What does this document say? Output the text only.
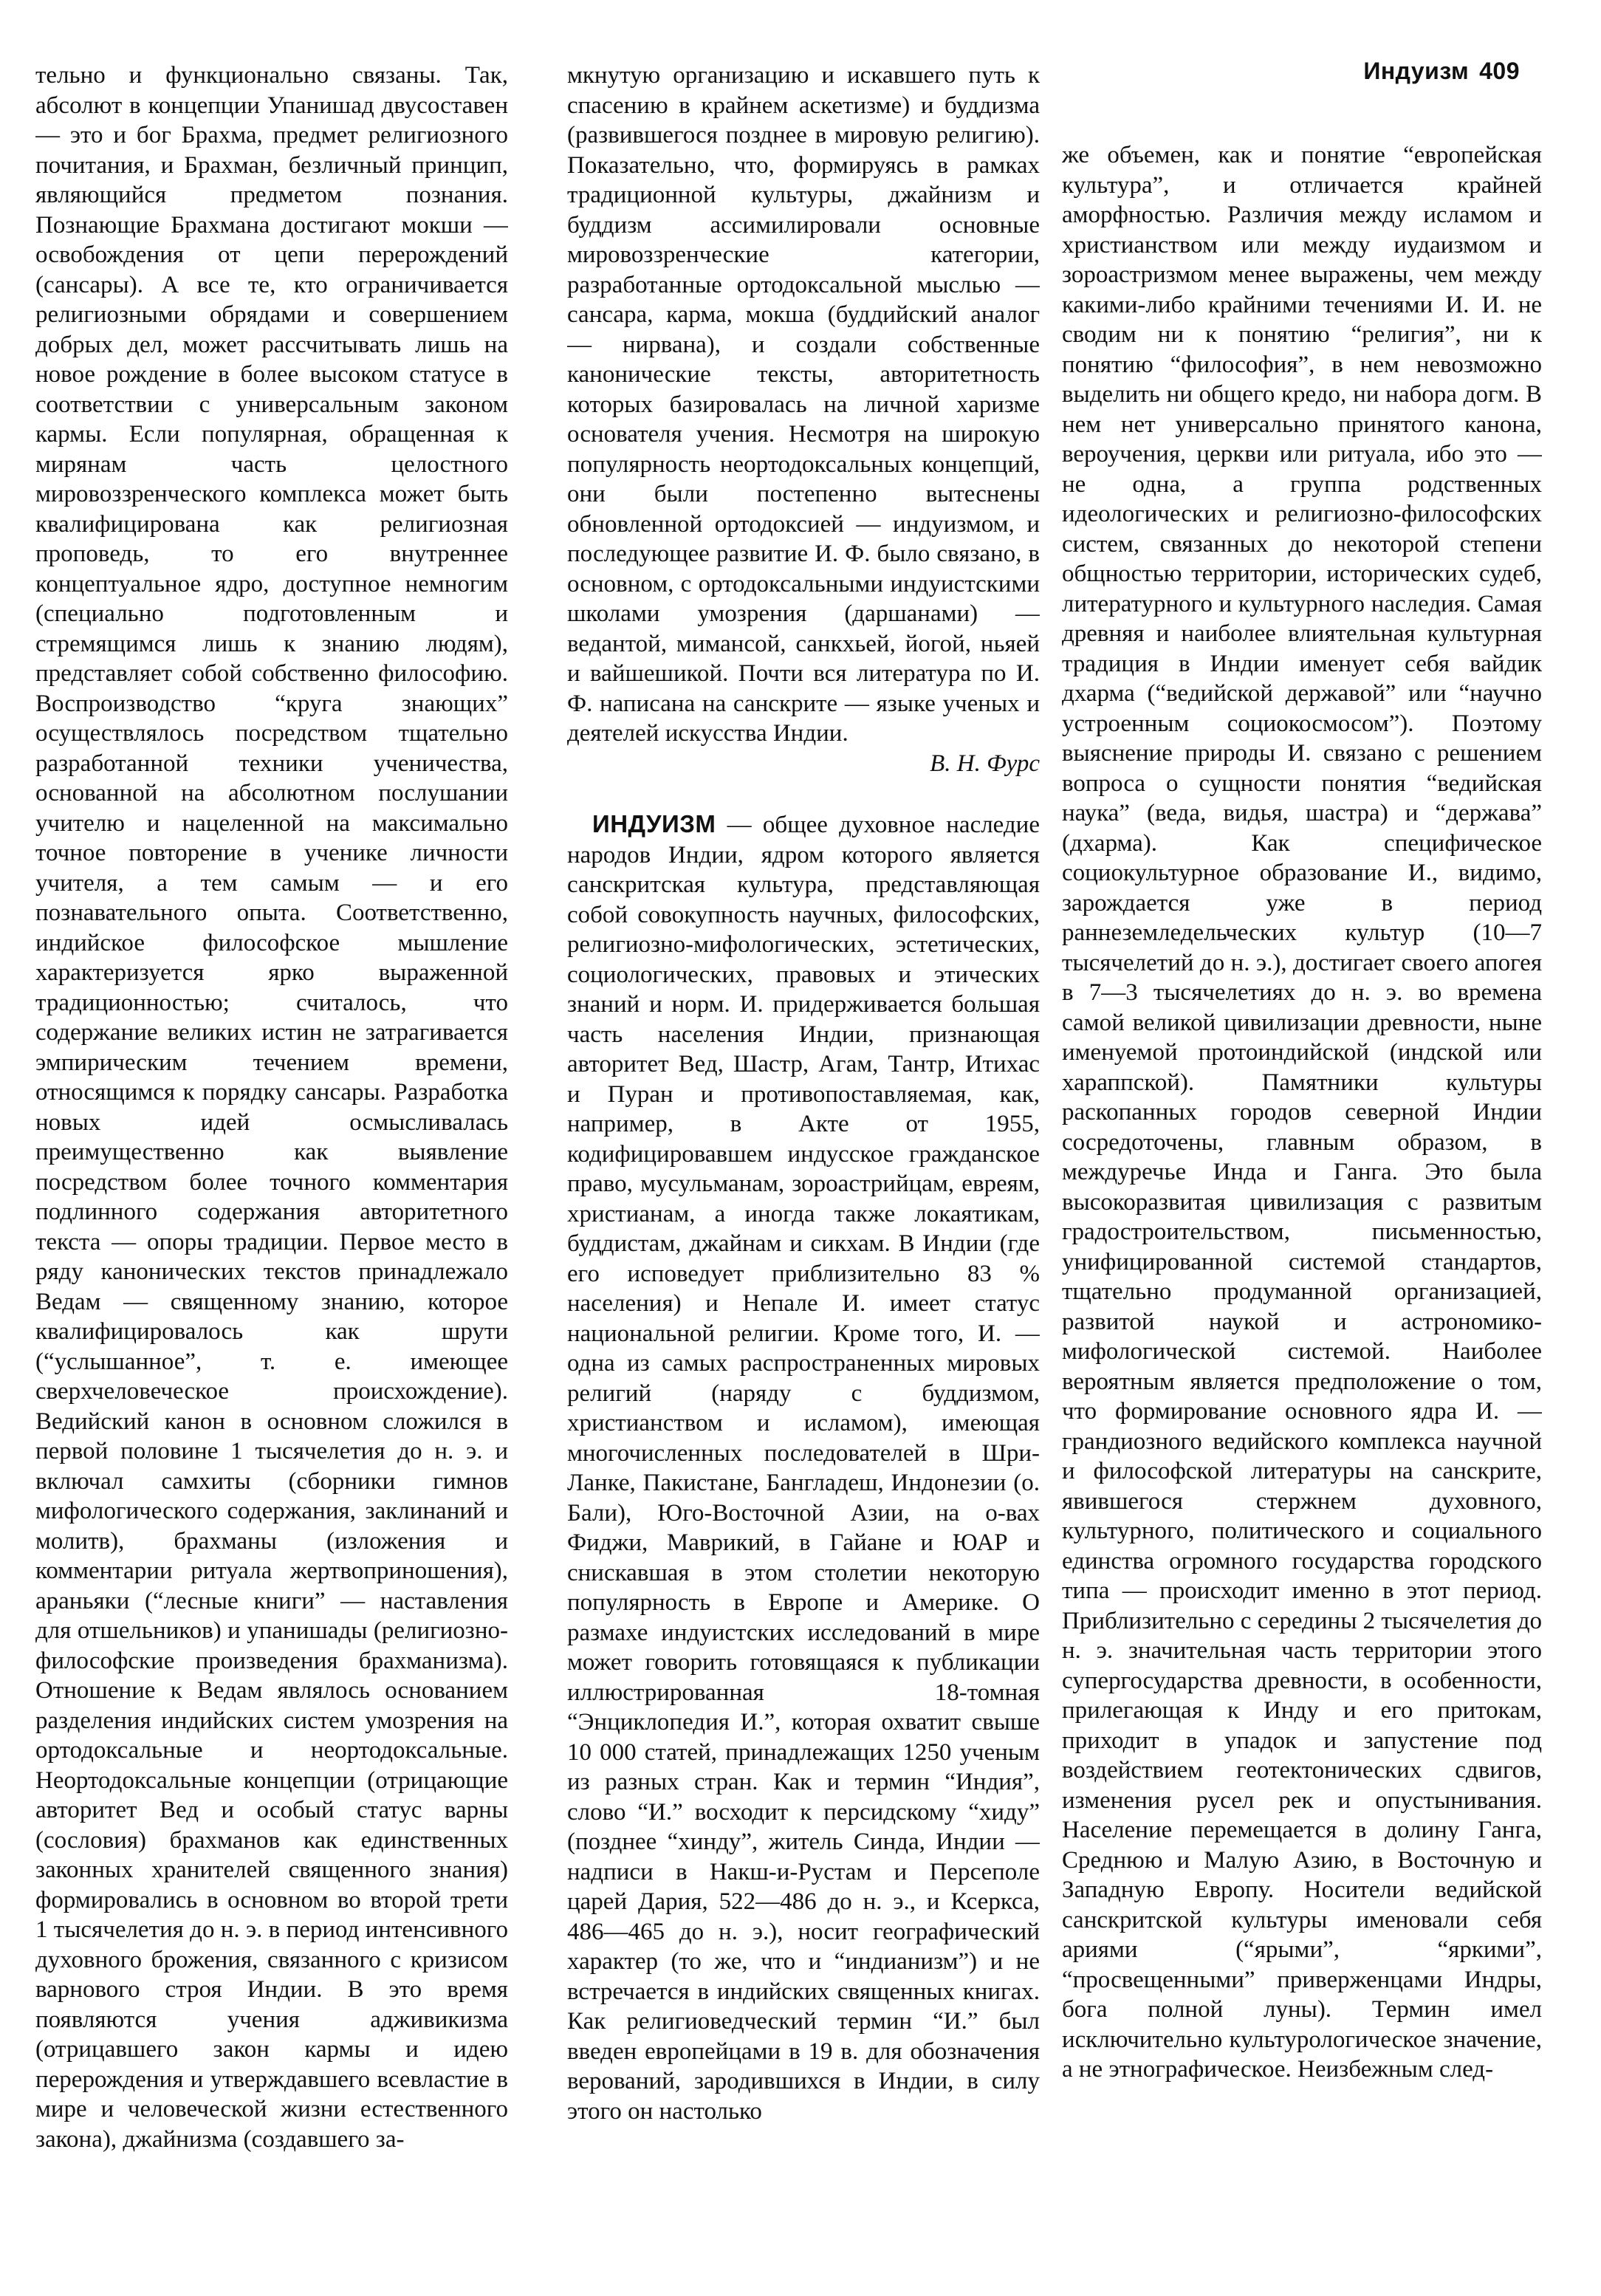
Индуизм 409

тельно и функционально связаны. Так, абсолют в концепции Упанишад двусоставен — это и бог Брахма, предмет религиозного почитания, и Брахман, безличный принцип, являющийся предметом познания. Познающие Брахмана достигают мокши — освобождения от цепи перерождений (сансары). А все те, кто ограничивается религиозными обрядами и совершением добрых дел, может рассчитывать лишь на новое рождение в более высоком статусе в соответствии с универсальным законом кармы. Если популярная, обращенная к мирянам часть целостного мировоззренческого комплекса может быть квалифицирована как религиозная проповедь, то его внутреннее концептуальное ядро, доступное немногим (специально подготовленным и стремящимся лишь к знанию людям), представляет собой собственно философию. Воспроизводство “круга знающих” осуществлялось посредством тщательно разработанной техники ученичества, основанной на абсолютном послушании учителю и нацеленной на максимально точное повторение в ученике личности учителя, а тем самым — и его познавательного опыта. Соответственно, индийское философское мышление характеризуется ярко выраженной традиционностью; считалось, что содержание великих истин не затрагивается эмпирическим течением времени, относящимся к порядку сансары. Разработка новых идей осмысливалась преимущественно как выявление посредством более точного комментария подлинного содержания авторитетного текста — опоры традиции. Первое место в ряду канонических текстов принадлежало Ведам — священному знанию, которое квалифицировалось как шрути (“услышанное”, т. е. имеющее сверхчеловеческое происхождение). Ведийский канон в основном сложился в первой половине 1 тысячелетия до н. э. и включал самхиты (сборники гимнов мифологического содержания, заклинаний и молитв), брахманы (изложения и комментарии ритуала жертвоприношения), араньяки (“лесные книги” — наставления для отшельников) и упанишады (религиозно-философские произведения брахманизма). Отношение к Ведам являлось основанием разделения индийских систем умозрения на ортодоксальные и неортодоксальные. Неортодоксальные концепции (отрицающие авторитет Вед и особый статус варны (сословия) брахманов как единственных законных хранителей священного знания) формировались в основном во второй трети 1 тысячелетия до н. э. в период интенсивного духовного брожения, связанного с кризисом варнового строя Индии. В это время появляются учения адживикизма (отрицавшего закон кармы и идею перерождения и утверждавшего всевластие в мире и человеческой жизни естественного закона), джайнизма (создавшего за-

мкнутую организацию и искавшего путь к спасению в крайнем аскетизме) и буддизма (развившегося позднее в мировую религию). Показательно, что, формируясь в рамках традиционной культуры, джайнизм и буддизм ассимилировали основные мировоззренческие категории, разработанные ортодоксальной мыслью — сансара, карма, мокша (буддийский аналог — нирвана), и создали собственные канонические тексты, авторитетность которых базировалась на личной харизме основателя учения. Несмотря на широкую популярность неортодоксальных концепций, они были постепенно вытеснены обновленной ортодоксией — индуизмом, и последующее развитие И. Ф. было связано, в основном, с ортодоксальными индуистскими школами умозрения (даршанами) — ведантой, мимансой, санкхьей, йогой, ньяей и вайшешикой. Почти вся литература по И. Ф. написана на санскрите — языке ученых и деятелей искусства Индии.

В. Н. Фурс

ИНДУИЗМ — общее духовное наследие народов Индии, ядром которого является санскритская культура, представляющая собой совокупность научных, философских, религиозно-мифологических, эстетических, социологических, правовых и этических знаний и норм. И. придерживается большая часть населения Индии, признающая авторитет Вед, Шастр, Агам, Тантр, Итихас и Пуран и противопоставляемая, как, например, в Акте от 1955, кодифицировавшем индусское гражданское право, мусульманам, зороастрийцам, евреям, христианам, а иногда также локаятикам, буддистам, джайнам и сикхам. В Индии (где его исповедует приблизительно 83 % населения) и Непале И. имеет статус национальной религии. Кроме того, И. — одна из самых распространенных мировых религий (наряду с буддизмом, христианством и исламом), имеющая многочисленных последователей в Шри-Ланке, Пакистане, Бангладеш, Индонезии (о. Бали), Юго-Восточной Азии, на о-вах Фиджи, Маврикий, в Гайане и ЮАР и снискавшая в этом столетии некоторую популярность в Европе и Америке. О размахе индуистских исследований в мире может говорить готовящаяся к публикации иллюстрированная 18-томная “Энциклопедия И.”, которая охватит свыше 10 000 статей, принадлежащих 1250 ученым из разных стран. Как и термин “Индия”, слово “И.” восходит к персидскому “хиду” (позднее “хинду”, житель Синда, Индии — надписи в Накш-и-Рустам и Персеполе царей Дария, 522—486 до н. э., и Ксеркса, 486—465 до н. э.), носит географический характер (то же, что и “индианизм”) и не встречается в индийских священных книгах. Как религиоведческий термин “И.” был введен европейцами в 19 в. для обозначения верований, зародившихся в Индии, в силу этого он настолько

же объемен, как и понятие “европейская культура”, и отличается крайней аморфностью. Различия между исламом и христианством или между иудаизмом и зороастризмом менее выражены, чем между какими-либо крайними течениями И. И. не сводим ни к понятию “религия”, ни к понятию “философия”, в нем невозможно выделить ни общего кредо, ни набора догм. В нем нет универсально принятого канона, вероучения, церкви или ритуала, ибо это — не одна, а группа родственных идеологических и религиозно-философских систем, связанных до некоторой степени общностью территории, исторических судеб, литературного и культурного наследия. Самая древняя и наиболее влиятельная культурная традиция в Индии именует себя вайдик дхарма (“ведийской державой” или “научно устроенным социокосмосом”). Поэтому выяснение природы И. связано с решением вопроса о сущности понятия “ведийская наука” (веда, видья, шастра) и “держава” (дхарма). Как специфическое социокультурное образование И., видимо, зарождается уже в период раннеземледельческих культур (10—7 тысячелетий до н. э.), достигает своего апогея в 7—3 тысячелетиях до н. э. во времена самой великой цивилизации древности, ныне именуемой протоиндийской (индской или хараппской). Памятники культуры раскопанных городов северной Индии сосредоточены, главным образом, в междуречье Инда и Ганга. Это была высокоразвитая цивилизация с развитым градостроительством, письменностью, унифицированной системой стандартов, тщательно продуманной организацией, развитой наукой и астрономико-мифологической системой. Наиболее вероятным является предположение о том, что формирование основного ядра И. — грандиозного ведийского комплекса научной и философской литературы на санскрите, явившегося стержнем духовного, культурного, политического и социального единства огромного государства городского типа — происходит именно в этот период. Приблизительно с середины 2 тысячелетия до н. э. значительная часть территории этого супергосударства древности, в особенности, прилегающая к Инду и его притокам, приходит в упадок и запустение под воздействием геотектонических сдвигов, изменения русел рек и опустынивания. Население перемещается в долину Ганга, Среднюю и Малую Азию, в Восточную и Западную Европу. Носители ведийской санскритской культуры именовали себя ариями (“ярыми”, “яркими”, “просвещенными” приверженцами Индры, бога полной луны). Термин имел исключительно культурологическое значение, а не этнографическое. Неизбежным след-
